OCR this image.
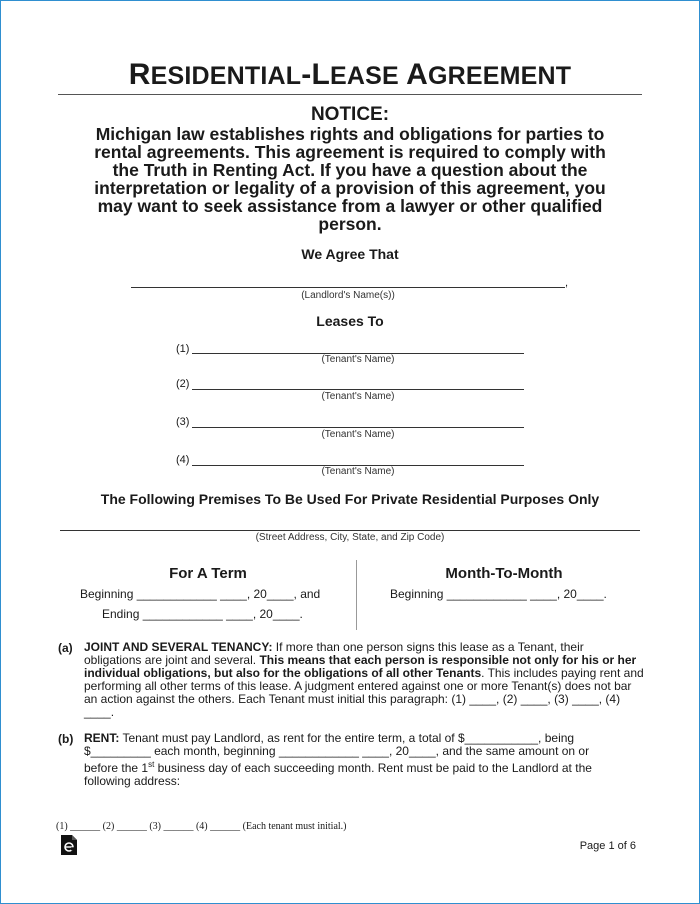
RESIDENTIAL-LEASE AGREEMENT
NOTICE:
Michigan law establishes rights and obligations for parties to
rental agreements. This agreement is required to comply with
the Truth in Renting Act. If you have a question about the
interpretation or legality of a provision of this agreement, you
may want to seek assistance from a lawyer or other qualified
person.
We Agree That
,
(Landlord's Name(s))
Leases To
(1)
(Tenant's Name)
(2)
(Tenant's Name)
(3)
(Tenant's Name)
(4)
(Tenant's Name)
The Following Premises To Be Used For Private Residential Purposes Only
(Street Address, City, State, and Zip Code)
For A Term
Beginning ____________ ____, 20____, and
Ending ____________ ____, 20____.
Month-To-Month
Beginning ____________ ____, 20____.
(a) JOINT AND SEVERAL TENANCY: If more than one person signs this lease as a Tenant, their obligations are joint and several. This means that each person is responsible not only for his or her individual obligations, but also for the obligations of all other Tenants. This includes paying rent and performing all other terms of this lease. A judgment entered against one or more Tenant(s) does not bar an action against the others. Each Tenant must initial this paragraph: (1) ____, (2) ____, (3) ____, (4) ____.
(b) RENT: Tenant must pay Landlord, as rent for the entire term, a total of $___________, being $_________ each month, beginning ____________ ____, 20____, and the same amount on or before the 1st business day of each succeeding month. Rent must be paid to the Landlord at the following address:
(1) ______ (2) ______ (3) ______ (4) ______ (Each tenant must initial.)
Page 1 of 6
